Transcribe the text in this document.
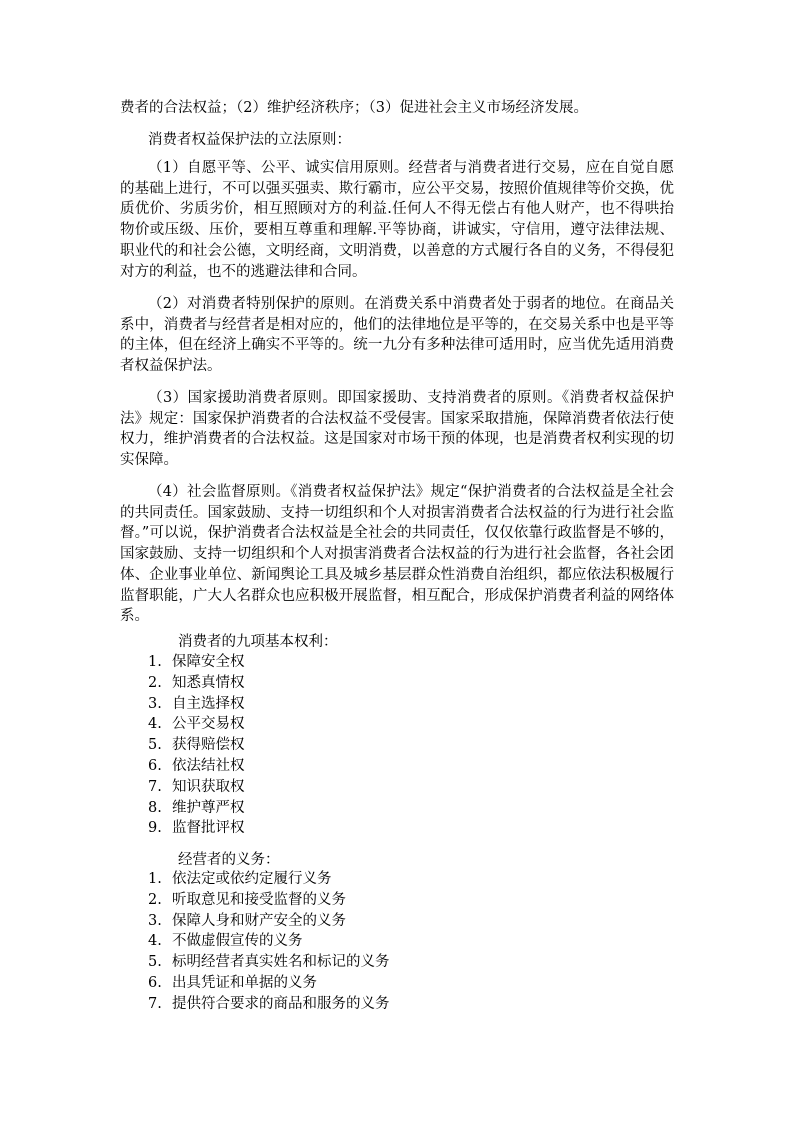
费者的合法权益；（2）维护经济秩序；（3）促进社会主义市场经济发展。
消费者权益保护法的立法原则：
（1）自愿平等、公平、诚实信用原则。经营者与消费者进行交易，应在自觉自愿的基础上进行，不可以强买强卖、欺行霸市，应公平交易，按照价值规律等价交换，优质优价、劣质劣价，相互照顾对方的利益.任何人不得无偿占有他人财产，也不得哄抬物价或压级、压价，要相互尊重和理解.平等协商，讲诚实，守信用，遵守法律法规、职业代的和社会公德，文明经商，文明消费，以善意的方式履行各自的义务，不得侵犯对方的利益，也不的逃避法律和合同。
（2）对消费者特别保护的原则。在消费关系中消费者处于弱者的地位。在商品关系中，消费者与经营者是相对应的，他们的法律地位是平等的，在交易关系中也是平等的主体，但在经济上确实不平等的。统一九分有多种法律可适用时，应当优先适用消费者权益保护法。
（3）国家援助消费者原则。即国家援助、支持消费者的原则。《消费者权益保护法》规定：国家保护消费者的合法权益不受侵害。国家采取措施，保障消费者依法行使权力，维护消费者的合法权益。这是国家对市场干预的体现，也是消费者权利实现的切实保障。
（4）社会监督原则。《消费者权益保护法》规定“保护消费者的合法权益是全社会的共同责任。国家鼓励、支持一切组织和个人对损害消费者合法权益的行为进行社会监督。”可以说，保护消费者合法权益是全社会的共同责任，仅仅依靠行政监督是不够的，国家鼓励、支持一切组织和个人对损害消费者合法权益的行为进行社会监督，各社会团体、企业事业单位、新闻舆论工具及城乡基层群众性消费自治组织，都应依法积极履行监督职能，广大人名群众也应积极开展监督，相互配合，形成保护消费者利益的网络体系。
消费者的九项基本权利：
1. 保障安全权
2. 知悉真情权
3. 自主选择权
4. 公平交易权
5. 获得赔偿权
6. 依法结社权
7. 知识获取权
8. 维护尊严权
9. 监督批评权
经营者的义务：
1. 依法定或依约定履行义务
2. 听取意见和接受监督的义务
3. 保障人身和财产安全的义务
4. 不做虚假宣传的义务
5. 标明经营者真实姓名和标记的义务
6. 出具凭证和单据的义务
7. 提供符合要求的商品和服务的义务
